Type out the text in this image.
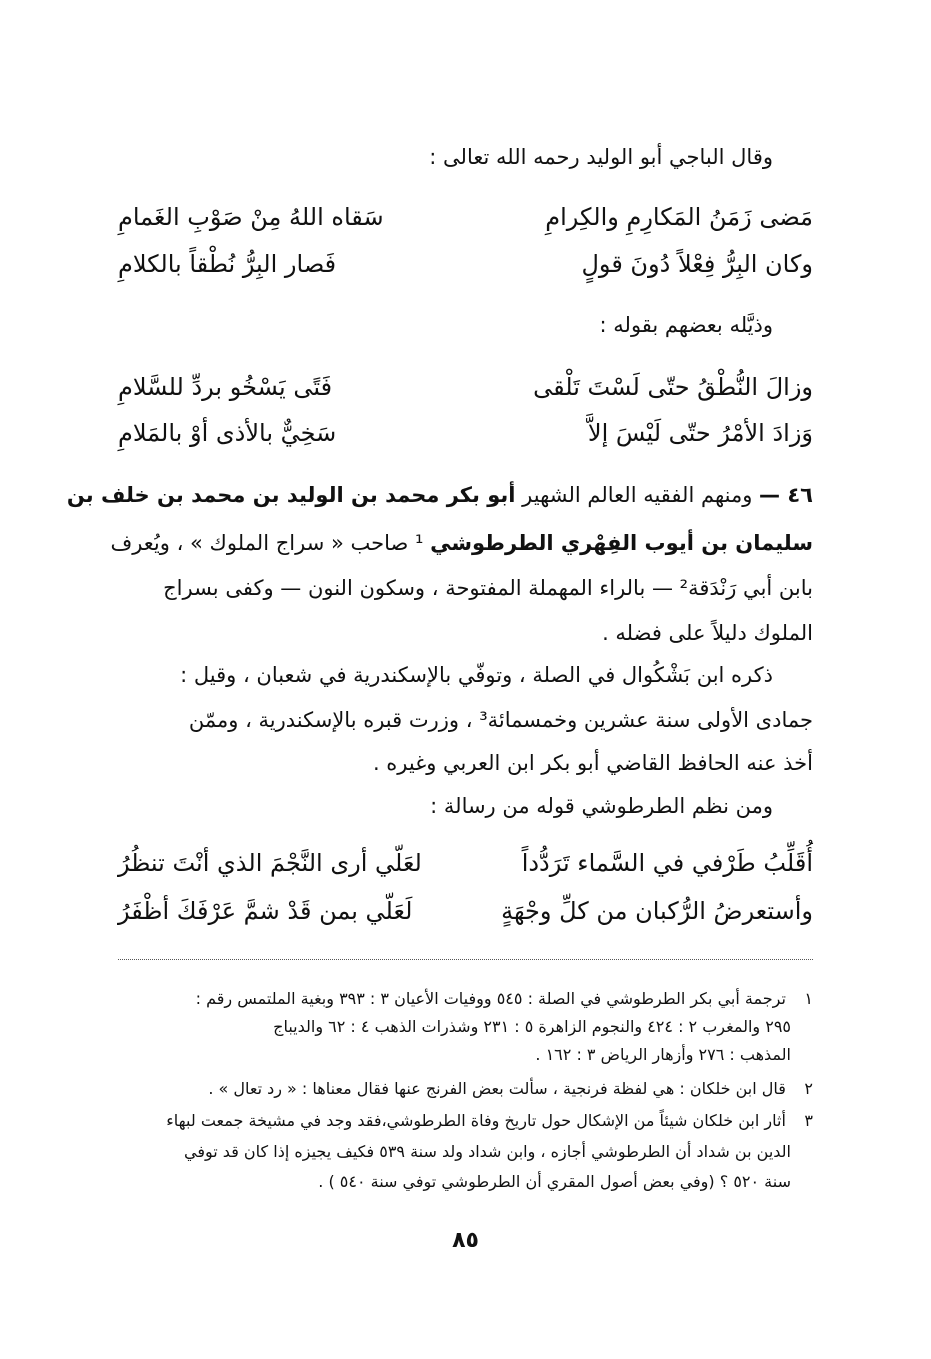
وقال الباجي أبو الوليد رحمه الله تعالى :
مَضى زَمَنُ المَكارِمِ والكِرامِ
سَقاه اللهُ مِنْ صَوْبِ الغَمامِ
وكان البِرُّ فِعْلاً دُونَ قولٍ
فَصار البِرُّ نُطْقاً بالكلامِ
وذيَّله بعضهم بقوله :
وزالَ النُّطْقُ حتّى لَسْتَ تَلْقى
فَتًى يَسْخُو بردِّ للسَّلامِ
وَزادَ الأمْرُ حتّى لَيْسَ إلاَّ
سَخِيٌّ بالأذى أوْ بالمَلامِ
٤٦ — ومنهم الفقيه العالم الشهير أبو بكر محمد بن الوليد بن محمد بن خلف بن
سليمان بن أيوب الفِهْري الطرطوشي ¹ صاحب « سراج الملوك » ، ويُعرف
بابن أبي رَنْدَقة² — بالراء المهملة المفتوحة ، وسكون النون — وكفى بسراج
الملوك دليلاً على فضله .
ذكره ابن بَشْكُوال في الصلة ، وتوفّي بالإسكندرية في شعبان ، وقيل :
جمادى الأولى سنة عشرين وخمسمائة³ ، وزرت قبره بالإسكندرية ، وممّن
أخذ عنه الحافظ القاضي أبو بكر ابن العربي وغيره .
ومن نظم الطرطوشي قوله من رسالة :
أُقَلِّبُ طَرْفي في السَّماء تَرَدُّداً
لعَلّي أرى النَّجْمَ الذي أنْتَ تنظُرُ
وأستعرضُ الرُّكبان من كلِّ وجْهَةٍ
لَعَلّي بمن قَدْ شمَّ عَرْفَكَ أظْفَرُ
١ ترجمة أبي بكر الطرطوشي في الصلة : ٥٤٥ ووفيات الأعيان ٣ : ٣٩٣ وبغية الملتمس رقم :
٢٩٥ والمغرب ٢ : ٤٢٤ والنجوم الزاهرة ٥ : ٢٣١ وشذرات الذهب ٤ : ٦٢ والديباج
المذهب : ٢٧٦ وأزهار الرياض ٣ : ١٦٢ .
٢ قال ابن خلكان : هي لفظة فرنجية ، سألت بعض الفرنج عنها فقال معناها : « رد تعال » .
٣ أثار ابن خلكان شيئاً من الإشكال حول تاريخ وفاة الطرطوشي،فقد وجد في مشيخة جمعت لبهاء
الدين بن شداد أن الطرطوشي أجازه ، وابن شداد ولد سنة ٥٣٩ فكيف يجيزه إذا كان قد توفي
سنة ٥٢٠ ؟ (وفي بعض أصول المقري أن الطرطوشي توفي سنة ٥٤٠ ) .
٨٥
